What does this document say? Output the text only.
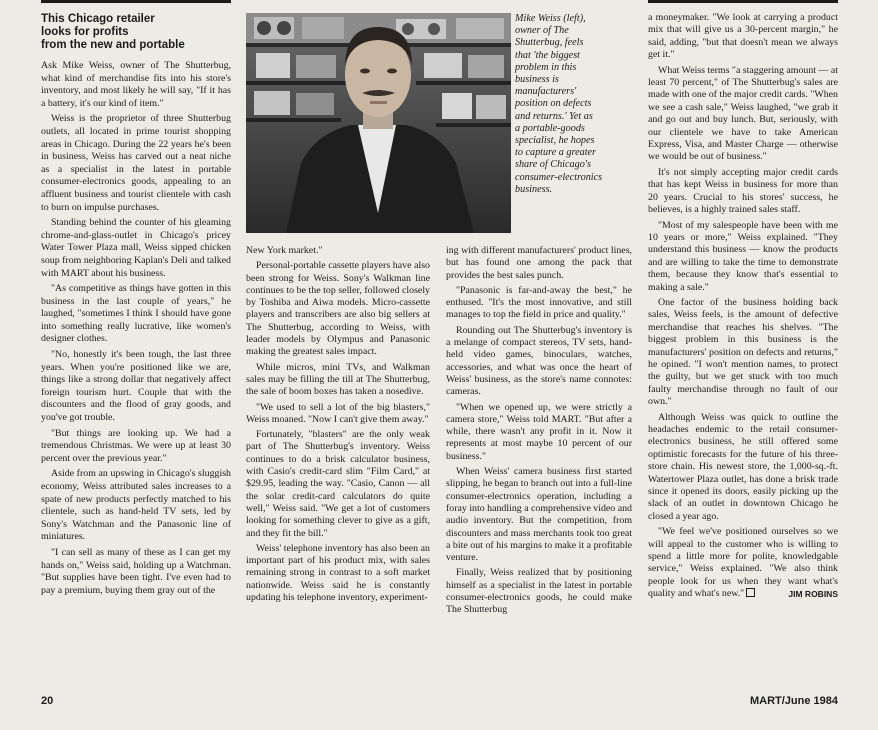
This Chicago retailer
looks for profits
from the new and portable
Mike Weiss (left),
owner of The
Shutterbug, feels
that 'the biggest
problem in this
business is
manufacturers'
position on defects
and returns.' Yet as
a portable-goods
specialist, he hopes
to capture a greater
share of Chicago's
consumer-electronics
business.

Ask Mike Weiss, owner of The Shutterbug, what kind of merchandise fits into his store's inventory, and most likely he will say, "If it has a battery, it's our kind of item."

Weiss is the proprietor of three Shutterbug outlets, all located in prime tourist shopping areas in Chicago. During the 22 years he's been in business, Weiss has carved out a neat niche as a specialist in the latest in portable consumer-electronics goods, appealing to an affluent business and tourist clientele with cash to burn on impulse purchases.

Standing behind the counter of his gleaming chrome-and-glass-outlet in Chicago's pricey Water Tower Plaza mall, Weiss sipped chicken soup from neighboring Kaplan's Deli and talked with MART about his business.

"As competitive as things have gotten in this business in the last couple of years," he laughed, "sometimes I think I should have gone into something really lucrative, like women's designer clothes.

"No, honestly it's been tough, the last three years. When you're positioned like we are, things like a strong dollar that negatively affect foreign tourism hurt. Couple that with the discounters and the flood of gray goods, and you've got trouble.

"But things are looking up. We had a tremendous Christmas. We were up at least 30 percent over the previous year."

Aside from an upswing in Chicago's sluggish economy, Weiss attributed sales increases to a spate of new products perfectly matched to his clientele, such as hand-held TV sets, led by Sony's Watchman and the Panasonic line of miniatures.

"I can sell as many of these as I can get my hands on," Weiss said, holding up a Watchman. "But supplies have been tight. I've even had to pay a premium, buying them gray out of the

New York market."

Personal-portable cassette players have also been strong for Weiss. Sony's Walkman line continues to be the top seller, followed closely by Toshiba and Aiwa models. Micro-cassette players and transcribers are also big sellers at The Shutterbug, according to Weiss, with leader models by Olympus and Panasonic making the greatest sales impact.

While micros, mini TVs, and Walkman sales may be filling the till at The Shutterbug, the sale of boom boxes has taken a nosedive.

"We used to sell a lot of the big blasters," Weiss moaned. "Now I can't give them away."

Fortunately, "blasters" are the only weak part of The Shutterbug's inventory. Weiss continues to do a brisk calculator business, with Casio's credit-card slim "Film Card," at $29.95, leading the way. "Casio, Canon — all the solar credit-card calculators do quite well," Weiss said. "We get a lot of customers looking for something clever to give as a gift, and they fit the bill."

Weiss' telephone inventory has also been an important part of his product mix, with sales remaining strong in contrast to a soft market nationwide. Weiss said he is constantly updating his telephone inventory, experiment-

ing with different manufacturers' product lines, but has found one among the pack that provides the best sales punch.

"Panasonic is far-and-away the best," he enthused. "It's the most innovative, and still manages to top the field in price and quality."

Rounding out The Shutterbug's inventory is a melange of compact stereos, TV sets, hand-held video games, binoculars, watches, accessories, and what was once the heart of Weiss' business, as the store's name connotes: cameras.

"When we opened up, we were strictly a camera store," Weiss told MART. "But after a while, there wasn't any profit in it. Now it represents at most maybe 10 percent of our business."

When Weiss' camera business first started slipping, he began to branch out into a full-line consumer-electronics operation, including a foray into handling a comprehensive video and audio inventory. But the competition, from discounters and mass merchants took too great a bite out of his margins to make it a profitable venture.

Finally, Weiss realized that by positioning himself as a specialist in the latest in portable consumer-electronics goods, he could make The Shutterbug

a moneymaker. "We look at carrying a product mix that will give us a 30-percent margin," he said, adding, "but that doesn't mean we always get it."

What Weiss terms "a staggering amount — at least 70 percent," of The Shutterbug's sales are made with one of the major credit cards. "When we see a cash sale," Weiss laughed, "we grab it and go out and buy lunch. But, seriously, with our clientele we have to take American Express, Visa, and Master Charge — otherwise we would be out of business."

It's not simply accepting major credit cards that has kept Weiss in business for more than 20 years. Crucial to his stores' success, he believes, is a highly trained sales staff.

"Most of my salespeople have been with me 10 years or more," Weiss explained. "They understand this business — know the products and are willing to take the time to demonstrate them, because they know that's essential to making a sale."

One factor of the business holding back sales, Weiss feels, is the amount of defective merchandise that reaches his shelves. "The biggest problem in this business is the manufacturers' position on defects and returns," he opined. "I won't mention names, to protect the guilty, but we get stuck with too much faulty merchandise through no fault of our own."

Although Weiss was quick to outline the headaches endemic to the retail consumer-electronics business, he still offered some optimistic forecasts for the future of his three-store chain. His newest store, the 1,000-sq.-ft. Watertower Plaza outlet, has done a brisk trade since it opened its doors, easily picking up the slack of an outlet in downtown Chicago he closed a year ago.

"We feel we've positioned ourselves so we will appeal to the customer who is willing to spend a little more for polite, knowledgable service," Weiss explained. "We also think people look for us when they want what's quality and what's new."	JIM ROBINS

20	MART/June 1984
